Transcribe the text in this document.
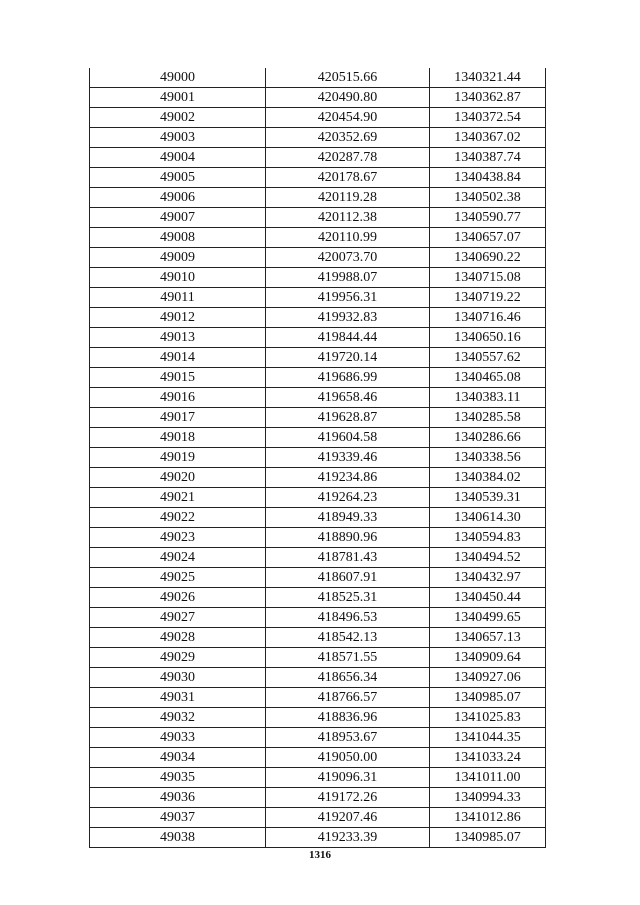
49000	420515.66	1340321.44
49001	420490.80	1340362.87
49002	420454.90	1340372.54
49003	420352.69	1340367.02
49004	420287.78	1340387.74
49005	420178.67	1340438.84
49006	420119.28	1340502.38
49007	420112.38	1340590.77
49008	420110.99	1340657.07
49009	420073.70	1340690.22
49010	419988.07	1340715.08
49011	419956.31	1340719.22
49012	419932.83	1340716.46
49013	419844.44	1340650.16
49014	419720.14	1340557.62
49015	419686.99	1340465.08
49016	419658.46	1340383.11
49017	419628.87	1340285.58
49018	419604.58	1340286.66
49019	419339.46	1340338.56
49020	419234.86	1340384.02
49021	419264.23	1340539.31
49022	418949.33	1340614.30
49023	418890.96	1340594.83
49024	418781.43	1340494.52
49025	418607.91	1340432.97
49026	418525.31	1340450.44
49027	418496.53	1340499.65
49028	418542.13	1340657.13
49029	418571.55	1340909.64
49030	418656.34	1340927.06
49031	418766.57	1340985.07
49032	418836.96	1341025.83
49033	418953.67	1341044.35
49034	419050.00	1341033.24
49035	419096.31	1341011.00
49036	419172.26	1340994.33
49037	419207.46	1341012.86
49038	419233.39	1340985.07
1316
